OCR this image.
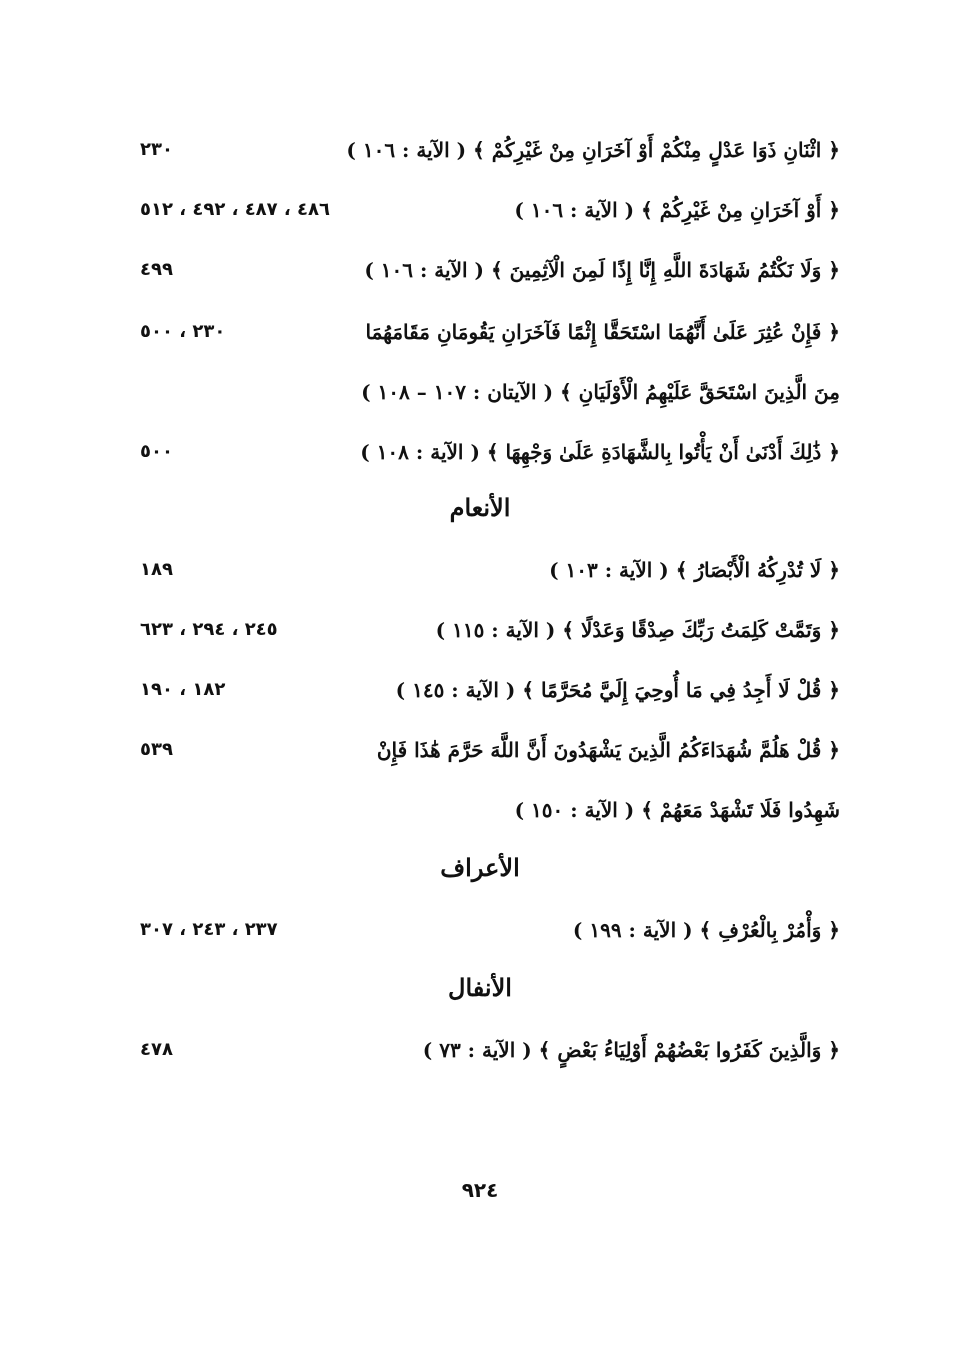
﴿ اثْنَانِ ذَوَا عَدْلٍ مِنْكُمْ أَوْ آخَرَانِ مِنْ غَيْرِكُمْ ﴾ ( الآية : ١٠٦ )
٢٣٠
﴿ أَوْ آخَرَانِ مِنْ غَيْرِكُمْ ﴾ ( الآية : ١٠٦ )
٤٨٦ ، ٤٨٧ ، ٤٩٢ ، ٥١٢
﴿ وَلَا نَكْتُمُ شَهَادَةَ اللَّهِ إِنَّا إِذًا لَمِنَ الْآثِمِينَ ﴾ ( الآية : ١٠٦ )
٤٩٩
﴿ فَإِنْ عُثِرَ عَلَىٰ أَنَّهُمَا اسْتَحَقَّا إِثْمًا فَآخَرَانِ يَقُومَانِ مَقَامَهُمَا
٢٣٠ ، ٥٠٠
مِنَ الَّذِينَ اسْتَحَقَّ عَلَيْهِمُ الْأَوْلَيَانِ ﴾ ( الآيتان : ١٠٧ – ١٠٨ )
﴿ ذَٰلِكَ أَدْنَىٰ أَنْ يَأْتُوا بِالشَّهَادَةِ عَلَىٰ وَجْهِهَا ﴾ ( الآية : ١٠٨ )
٥٠٠
الأنعام
﴿ لَا تُدْرِكُهُ الْأَبْصَارُ ﴾ ( الآية : ١٠٣ )
١٨٩
﴿ وَتَمَّتْ كَلِمَتُ رَبِّكَ صِدْقًا وَعَدْلًا ﴾ ( الآية : ١١٥ )
٢٤٥ ، ٢٩٤ ، ٦٢٣
﴿ قُلْ لَا أَجِدُ فِي مَا أُوحِيَ إِلَيَّ مُحَرَّمًا ﴾ ( الآية : ١٤٥ )
١٨٢ ، ١٩٠
﴿ قُلْ هَلُمَّ شُهَدَاءَكُمُ الَّذِينَ يَشْهَدُونَ أَنَّ اللَّهَ حَرَّمَ هَٰذَا فَإِنْ
٥٣٩
شَهِدُوا فَلَا تَشْهَدْ مَعَهُمْ ﴾ ( الآية : ١٥٠ )
الأعراف
﴿ وَأْمُرْ بِالْعُرْفِ ﴾ ( الآية : ١٩٩ )
٢٣٧ ، ٢٤٣ ، ٣٠٧
الأنفال
﴿ وَالَّذِينَ كَفَرُوا بَعْضُهُمْ أَوْلِيَاءُ بَعْضٍ ﴾ ( الآية : ٧٣ )
٤٧٨
٩٢٤
